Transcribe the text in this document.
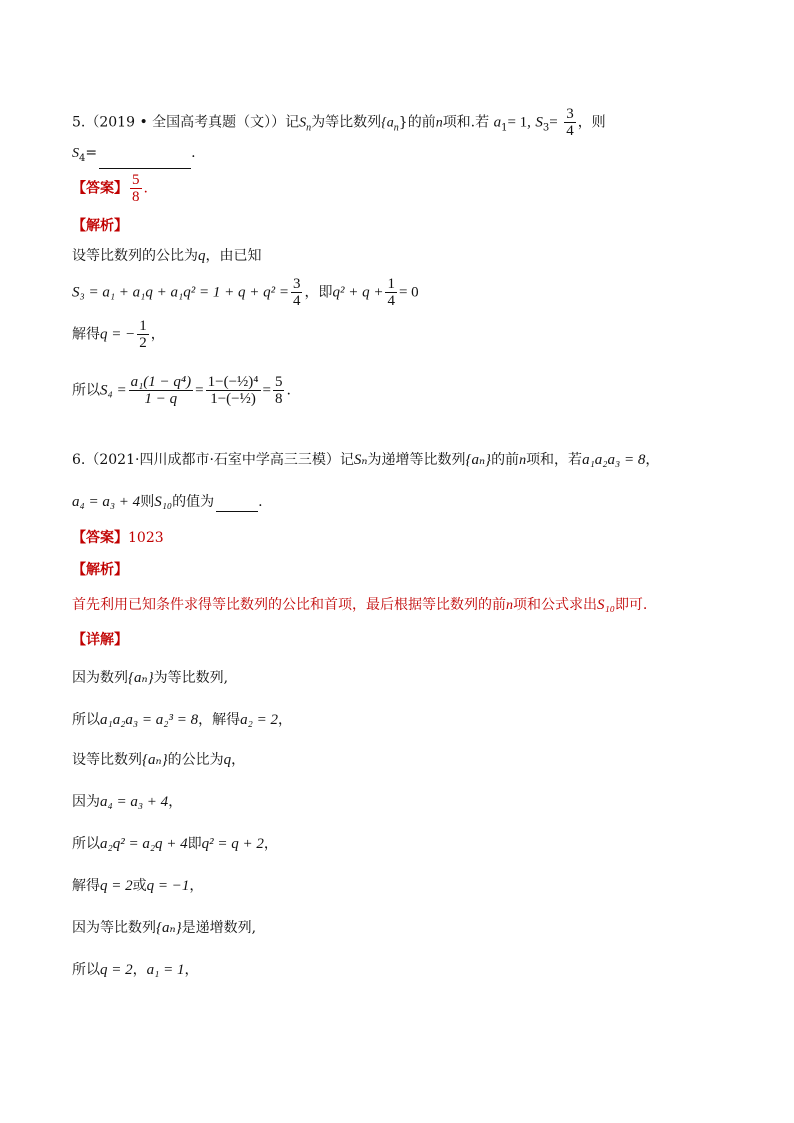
5.（2019 • 全国高考真题（文））记$S_n$为等比数列$\{a_n\}$的前n项和.若 $a_1= 1$, $S_3= \frac{3}{4}$ ，则
$S_4=$	.
【答案】 $\frac{5}{8}$ .
【解析】
设等比数列的公比为q，由已知
$S_3 = a_1 + a_1q + a_1q^2 = 1 + q + q^2 = \frac{3}{4}$ ，即$q^2 + q + \frac{1}{4} = 0$
解得q = − $\frac{1}{2}$ ，
所以$S_4 = \frac{\text{a₁(1 − q⁴)}}{1 - q} = \frac{\text{1−(−½)⁴}}{\text{1−(−½)}} = \frac{5}{8}$ .
6.（2021·四川成都市·石室中学高三三模）记Sₙ为递增等比数列{aₙ}的前n项和，若a₁a₂a₃ = 8，
a₄ = a₃ + 4则S₁₀的值为	.
【答案】1023
【解析】
首先利用已知条件求得等比数列的公比和首项，最后根据等比数列的前n项和公式求出S₁₀即可.
【详解】
因为数列{aₙ}为等比数列,
所以a₁a₂a₃ = a₂³ = 8，解得a₂ = 2，
设等比数列{aₙ}的公比为q，
因为a₄ = a₃ + 4，
所以a₂q² = a₂q + 4即q² = q + 2，
解得q = 2或q = −1，
因为等比数列{aₙ}是递增数列,
所以q = 2，a₁ = 1，
